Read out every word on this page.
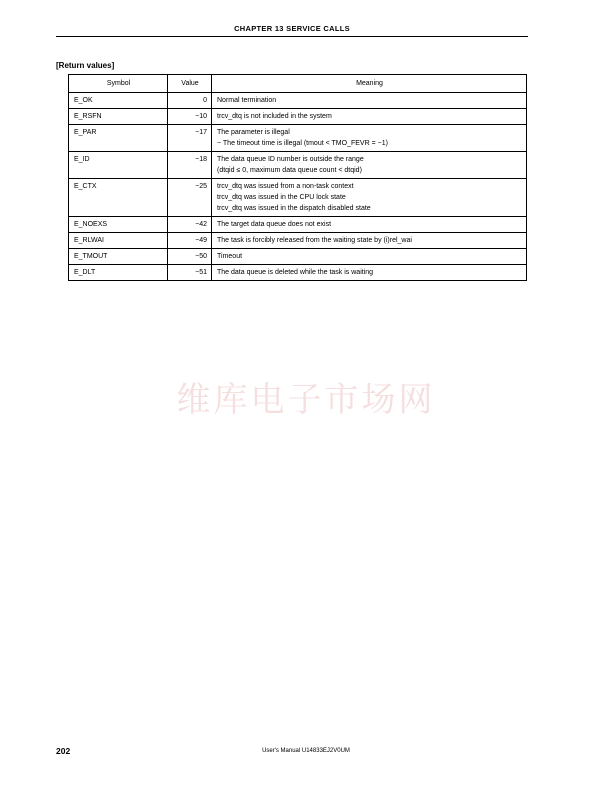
CHAPTER 13 SERVICE CALLS
[Return values]
Symbol	Value	Meaning
E_OK	0	Normal termination

E_RSFN	−10	trcv_dtq is not included in the system

E_PAR	−17	The parameter is illegal
− The timeout time is illegal (tmout < TMO_FEVR = −1)

E_ID	−18	The data queue ID number is outside the range
(dtqid ≤ 0, maximum data queue count < dtqid)

E_CTX	−25	trcv_dtq was issued from a non-task context
trcv_dtq was issued in the CPU lock state
trcv_dtq was issued in the dispatch disabled state

E_NOEXS	−42	The target data queue does not exist

E_RLWAI	−49	The task is forcibly released from the waiting state by (i)rel_wai

E_TMOUT	−50	Timeout

E_DLT	−51	The data queue is deleted while the task is waiting
维库电子市场网
202	User's Manual U14833EJ2V0UM
